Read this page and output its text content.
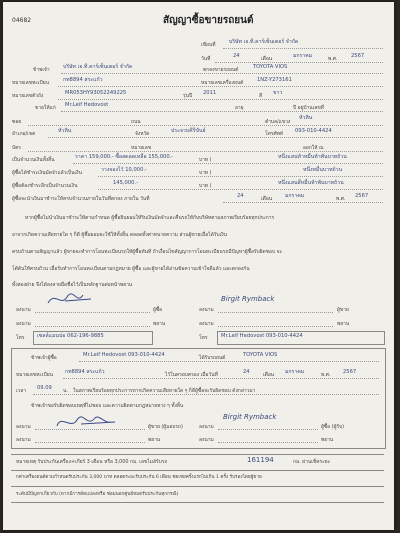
04682	สัญญาซื้อขายรถยนต์
เขียนที่	บริษัท เจ.ที.คาร์เซ็นเตอร์ จำกัด
วันที่	24	เดือน	มกราคม	พ.ศ.	2567
ข้าพเจ้า	บริษัท เจ.ที.คาร์เซ็นเตอร์ จำกัด	ตกลงขายรถยนต์	TOYOTA VIOS
หมายเลขทะเบียน	กท8894 สระแก้ว	หมายเลขเครื่องยนต์	1NZ-Y273161
หมายเลขตัวถัง	MR053HY93052249225	รุ่นปี 2011	สี ขาว
ขายให้แก่ Mr.Leif Hedovost	อายุ	ปี อยู่บ้านเลขที่
ซอย	ถนน	ตำบล/แขวง
หัวหิน
อำเภอ/เขต	หัวหิน	จังหวัด	ประจวบคีรีขันธ์	โทรศัพท์ 093-010-4424
บัตร	หมายเลข	ออกให้ ณ
เป็นจำนวนเงินทั้งสิ้น	ราคา 159,000.- ซื้อสดลดเหลือ 155,000.-	บาท (	หนึ่งแสนห้าหมื่นห้าพันบาทถ้วน
ผู้ซื้อได้ชำระเงินมัดจำแล้วเป็นเงิน	วางจองไว้ 10,000.-	บาท (	หนึ่งหมื่นบาทถ้วน
ผู้ซื้อต้องชำระอีกเป็นจำนวนเงิน	145,000.-	บาท (	หนึ่งแสนสี่หมื่นห้าพันบาทถ้วน
ผู้ซื้อจะนำเงินมาชำระให้ครบจำนวนภายในวันที่ตกลง ภายใน วันที่	24	เดือน มกราคม	พ.ศ. 2567
หากผู้ซื้อไม่นำเงินมาชำระให้ตามกำหนด ผู้ซื้อยินยอมให้ริบเงินมัดจำและคืนรถให้กับบริษัทตามสภาพเรียบร้อยทุกประการ
อาจากเกิดความเสียหายใด ๆ ก็ดี ผู้ซื้อยอมจะใช้ให้ทั้งสิ้น ตลอดทั้งค่าทนายความ ส่วนผู้ขายเมื่อได้รับเงิน
ครบถ้วนตามสัญญาแล้ว ผู้ขายจะทำการโอนทะเบียนรถให้ผู้ซื้อทันที ถ้าเงื่อนไขสัญญาการโอนทะเบียนรถมีปัญหาผู้ซื้อรับผิดชอบ จะ
โต้ต้นให้ครบถ้วน เมื่อรับทำการโอนทะเบียนตามกฎหมาย ผู้ซื้อ และผู้ขายได้อ่านข้อความเข้าใจดีแล้ว และตกลงกัน
ทั้งสองฝ่าย จึงได้ลงลายมือชื่อไว้เป็นหลักฐานต่อหน้าพยาน
ลงนาม	ผู้ซื้อ
Birgit Rymback
ลงนาม	ผู้ขาย
ลงนาม	พยาน	ลงนาม	พยาน
โทร เซลล์แมนปอ 062-196-9885	โทร	Mr.Leif Hedovost 093-010-4424
ข้าพเจ้าผู้ซื้อ	Mr.Leif Hedovost 093-010-4424	ได้รับรถยนต์	TOYOTA VIOS
หมายเลขทะเบียน กท8894 สระแก้ว	ไว้ในครอบครอง เมื่อวันที่	24	เดือน มกราคม	พ.ศ. 2567
เวลา 09.09 น. ในสภาพเรียบร้อยทุกประการหากเกิดความเสียหายใด ๆ ก็ดีผู้ซื้อจะรับผิดชอบ ดังกล่าวมา
ข้าพเจ้าขอรับผิดชอบเหตุที่ไม่ชอบ และความผิดตามกฎหมายทาง ๆ ทั้งสิ้น
ลงนาม	ผู้ขาย (ผู้มอบรถ)	ลงนาม
Birgit Rymback
ผู้ซื้อ (ผู้รับ)
ลงนาม	พยาน	ลงนาม	พยาน
หมายเหตุ รับประกันเครื่อง+เกียร์ 3 เดือน หรือ 3,000 กม. เลขไมล์รับรถ	161194	กม. ผ่านเช็คระยะ
กค่าเครื่องยนต์ตามกำหนดรับประกัน 3,000 บาท ตลอดระยะรับประกัน 6 เดือน ชดเชยครั้งแรกไม่เกิน 1 ครั้ง รับรองโดยผู้ขาย
ระดับมีปัญหาเกี่ยวกับ (หากมีการดัดแปลงหรือ ซ่อมนอกศูนย์หมดรับประกันทุกกรณี)
